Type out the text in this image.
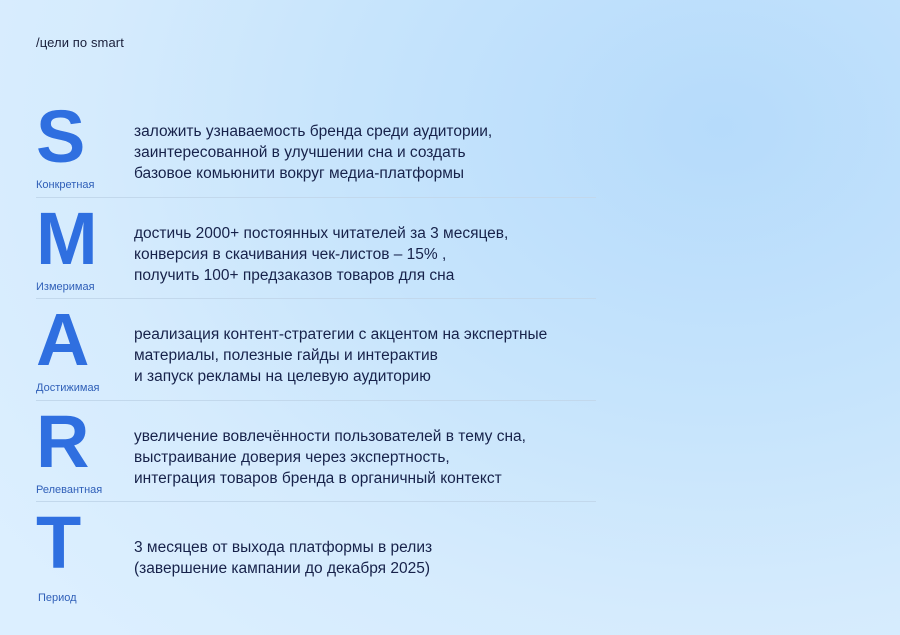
/цели по smart
S
Конкретная
заложить узнаваемость бренда среди аудитории,
заинтересованной в улучшении сна и создать
базовое комьюнити вокруг медиа-платформы
M
Измеримая
достичь 2000+ постоянных читателей за 3 месяцев,
конверсия в скачивания чек-листов – 15% ,
получить 100+ предзаказов товаров для сна
A
Достижимая
реализация контент-стратегии с акцентом на экспертные
материалы, полезные гайды и интерактив
и запуск рекламы на целевую аудиторию
R
Релевантная
увеличение вовлечённости пользователей в тему сна,
выстраивание доверия через экспертность,
интеграция товаров бренда в органичный контекст
T
Период
3 месяцев от выхода платформы в релиз
(завершение кампании до декабря 2025)
